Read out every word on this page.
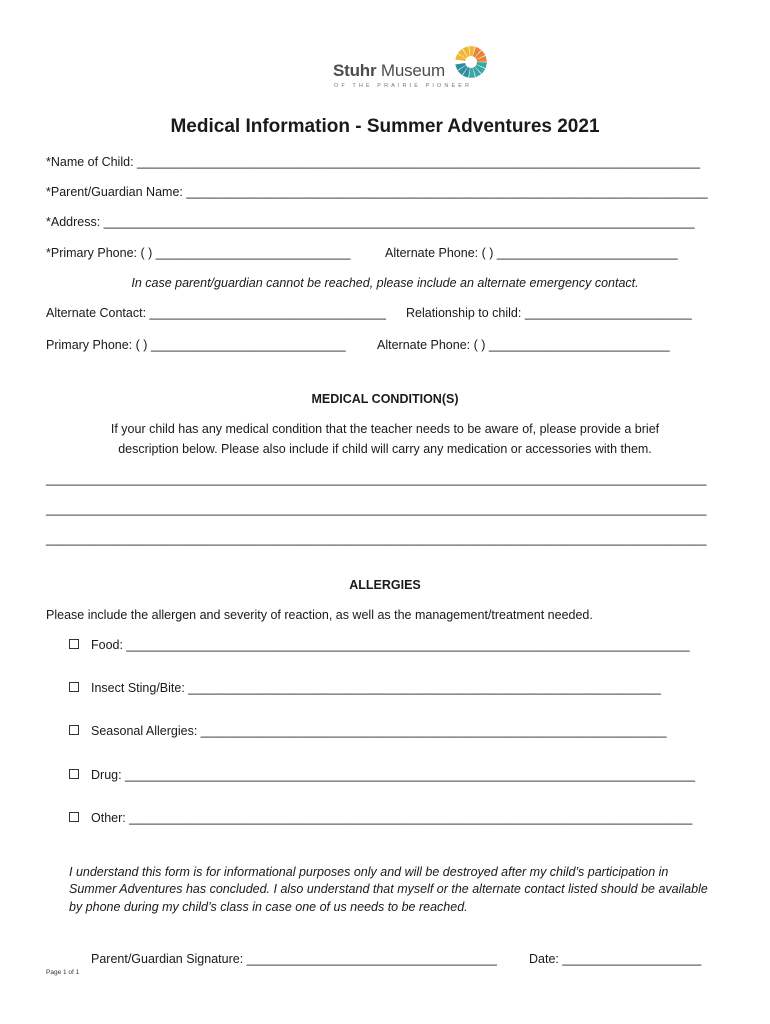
Stuhr Museum
OF THE PRAIRIE PIONEER
Medical Information - Summer Adventures 2021
*Name of Child: _________________________________________________________________________________
*Parent/Guardian Name: ___________________________________________________________________________
*Address: _____________________________________________________________________________________
*Primary Phone: ( ) ____________________________	Alternate Phone: ( ) __________________________
In case parent/guardian cannot be reached, please include an alternate emergency contact.
Alternate Contact: __________________________________ Relationship to child: ________________________
Primary Phone: ( ) ____________________________	Alternate Phone: ( ) __________________________
MEDICAL CONDITION(S)
If your child has any medical condition that the teacher needs to be aware of, please provide a brief
description below. Please also include if child will carry any medication or accessories with them.
_______________________________________________________________________________________________
_______________________________________________________________________________________________
_______________________________________________________________________________________________
ALLERGIES
Please include the allergen and severity of reaction, as well as the management/treatment needed.
Food: _________________________________________________________________________________
Insect Sting/Bite: ____________________________________________________________________
Seasonal Allergies: ___________________________________________________________________
Drug: __________________________________________________________________________________
Other: _________________________________________________________________________________
I understand this form is for informational purposes only and will be destroyed after my child’s participation in
Summer Adventures has concluded. I also understand that myself or the alternate contact listed should be available
by phone during my child’s class in case one of us needs to be reached.
Parent/Guardian Signature: ____________________________________	Date: ____________________
Page 1 of 1
